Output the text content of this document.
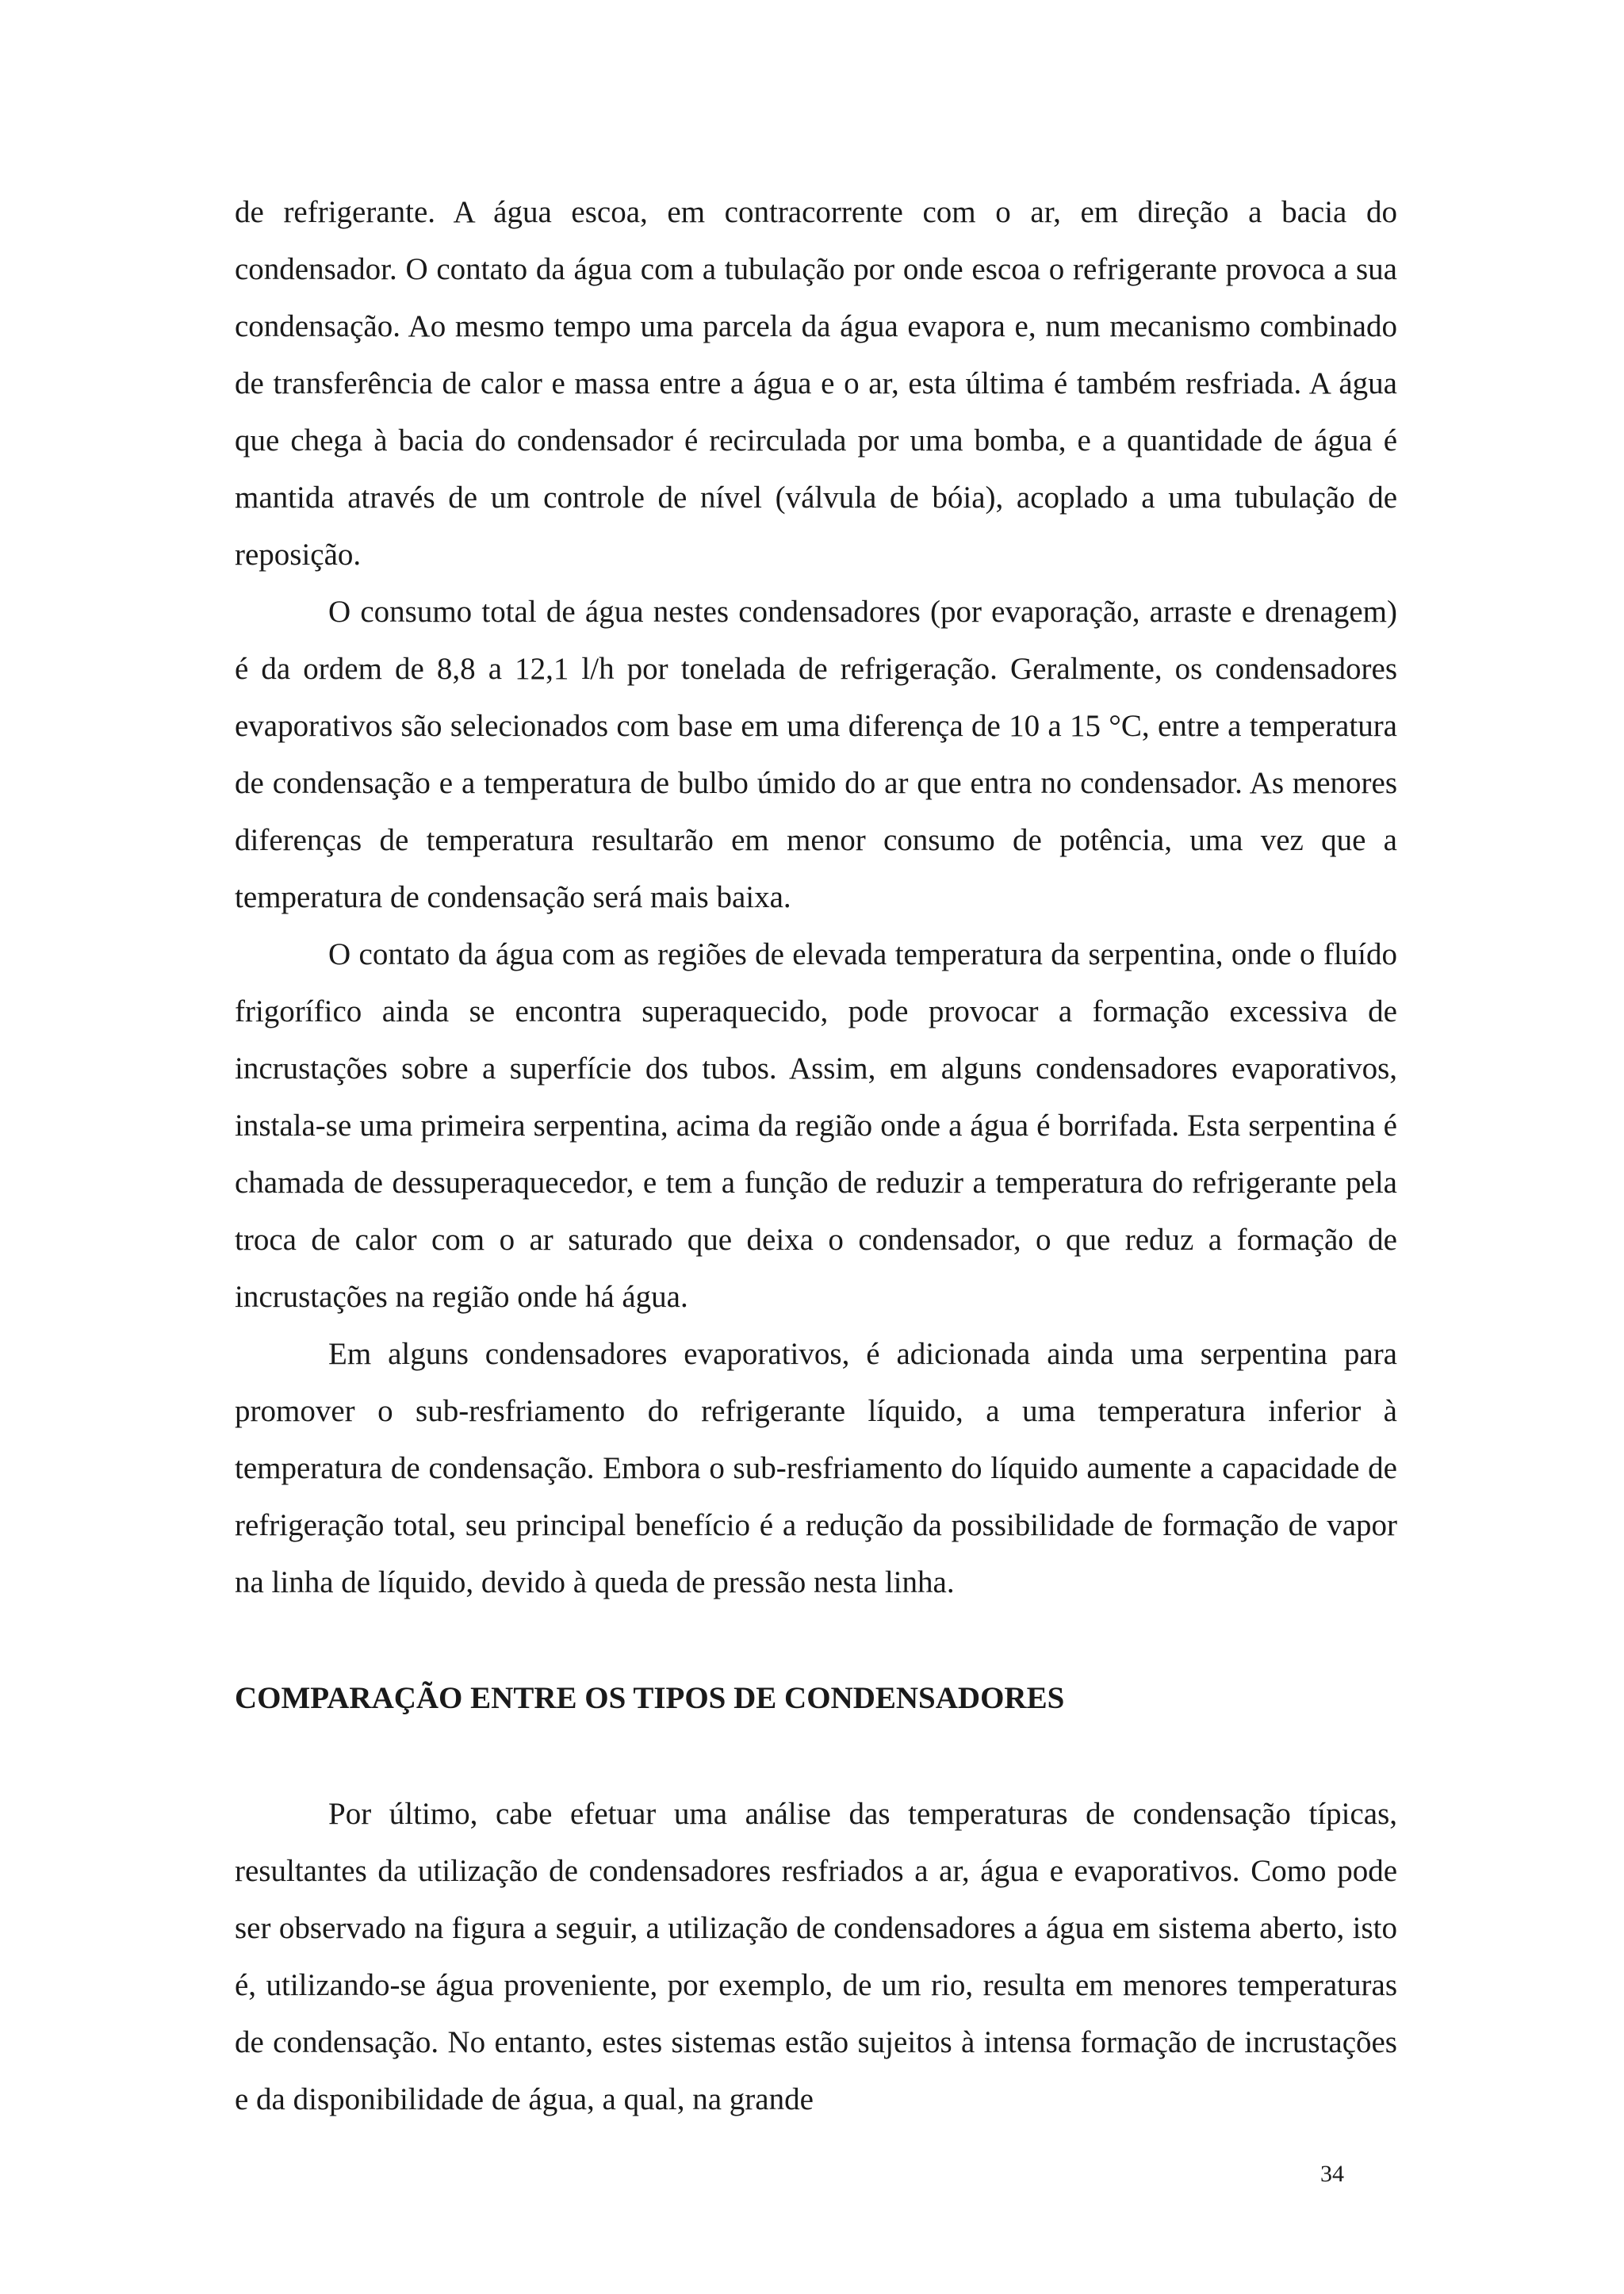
de refrigerante. A água escoa, em contracorrente com o ar, em direção a bacia do condensador. O contato da água com a tubulação por onde escoa o refrigerante provoca a sua condensação. Ao mesmo tempo uma parcela da água evapora e, num mecanismo combinado de transferência de calor e massa entre a água e o ar, esta última é também resfriada. A água que chega à bacia do condensador é recirculada por uma bomba, e a quantidade de água é mantida através de um controle de nível (válvula de bóia), acoplado a uma tubulação de reposição.

O consumo total de água nestes condensadores (por evaporação, arraste e drenagem) é da ordem de 8,8 a 12,1 l/h por tonelada de refrigeração. Geralmente, os condensadores evaporativos são selecionados com base em uma diferença de 10 a 15 °C, entre a temperatura de condensação e a temperatura de bulbo úmido do ar que entra no condensador. As menores diferenças de temperatura resultarão em menor consumo de potência, uma vez que a temperatura de condensação será mais baixa.

O contato da água com as regiões de elevada temperatura da serpentina, onde o fluído frigorífico ainda se encontra superaquecido, pode provocar a formação excessiva de incrustações sobre a superfície dos tubos. Assim, em alguns condensadores evaporativos, instala-se uma primeira serpentina, acima da região onde a água é borrifada. Esta serpentina é chamada de dessuperaquecedor, e tem a função de reduzir a temperatura do refrigerante pela troca de calor com o ar saturado que deixa o condensador, o que reduz a formação de incrustações na região onde há água.

Em alguns condensadores evaporativos, é adicionada ainda uma serpentina para promover o sub-resfriamento do refrigerante líquido, a uma temperatura inferior à temperatura de condensação. Embora o sub-resfriamento do líquido aumente a capacidade de refrigeração total, seu principal benefício é a redução da possibilidade de formação de vapor na linha de líquido, devido à queda de pressão nesta linha.

COMPARAÇÃO ENTRE OS TIPOS DE CONDENSADORES

Por último, cabe efetuar uma análise das temperaturas de condensação típicas, resultantes da utilização de condensadores resfriados a ar, água e evaporativos. Como pode ser observado na figura a seguir, a utilização de condensadores a água em sistema aberto, isto é, utilizando-se água proveniente, por exemplo, de um rio, resulta em menores temperaturas de condensação. No entanto, estes sistemas estão sujeitos à intensa formação de incrustações e da disponibilidade de água, a qual, na grande

34
